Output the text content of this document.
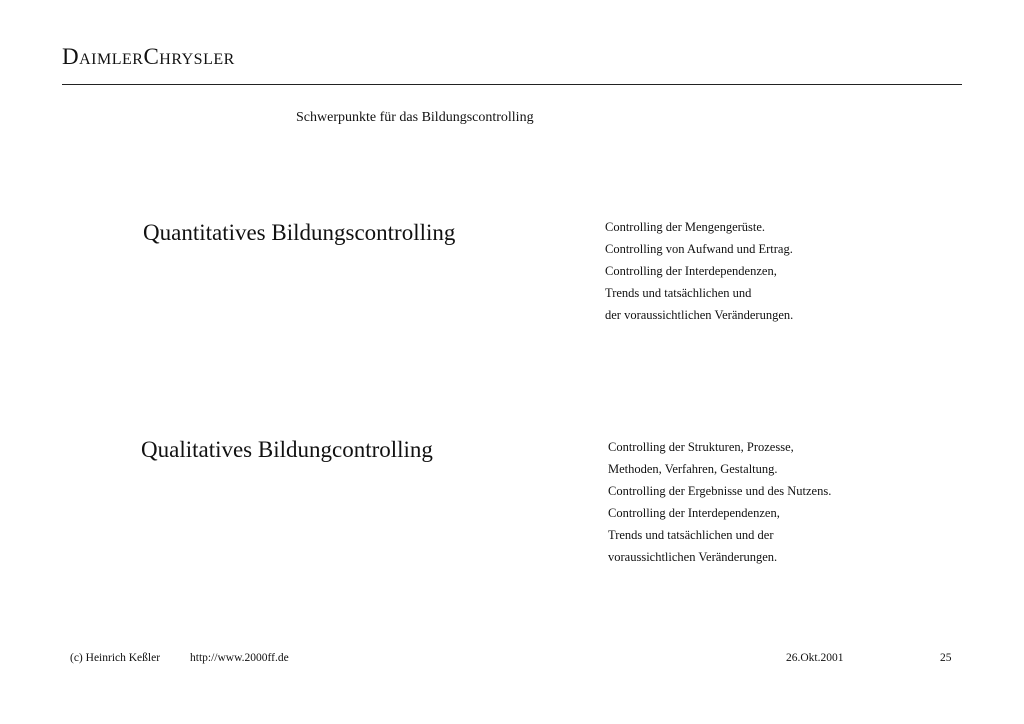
DaimlerChrysler
Schwerpunkte für das Bildungscontrolling
Quantitatives Bildungscontrolling	Controlling der Mengengerüste.
Controlling von Aufwand und Ertrag.
Controlling der Interdependenzen,
Trends und tatsächlichen und
der voraussichtlichen Veränderungen.
Qualitatives Bildungcontrolling	Controlling der Strukturen, Prozesse,
Methoden, Verfahren, Gestaltung.
Controlling der Ergebnisse und des Nutzens.
Controlling der Interdependenzen,
Trends und tatsächlichen und der
voraussichtlichen Veränderungen.
(c) Heinrich Keßler	http://www.2000ff.de	26.Okt.2001	25
